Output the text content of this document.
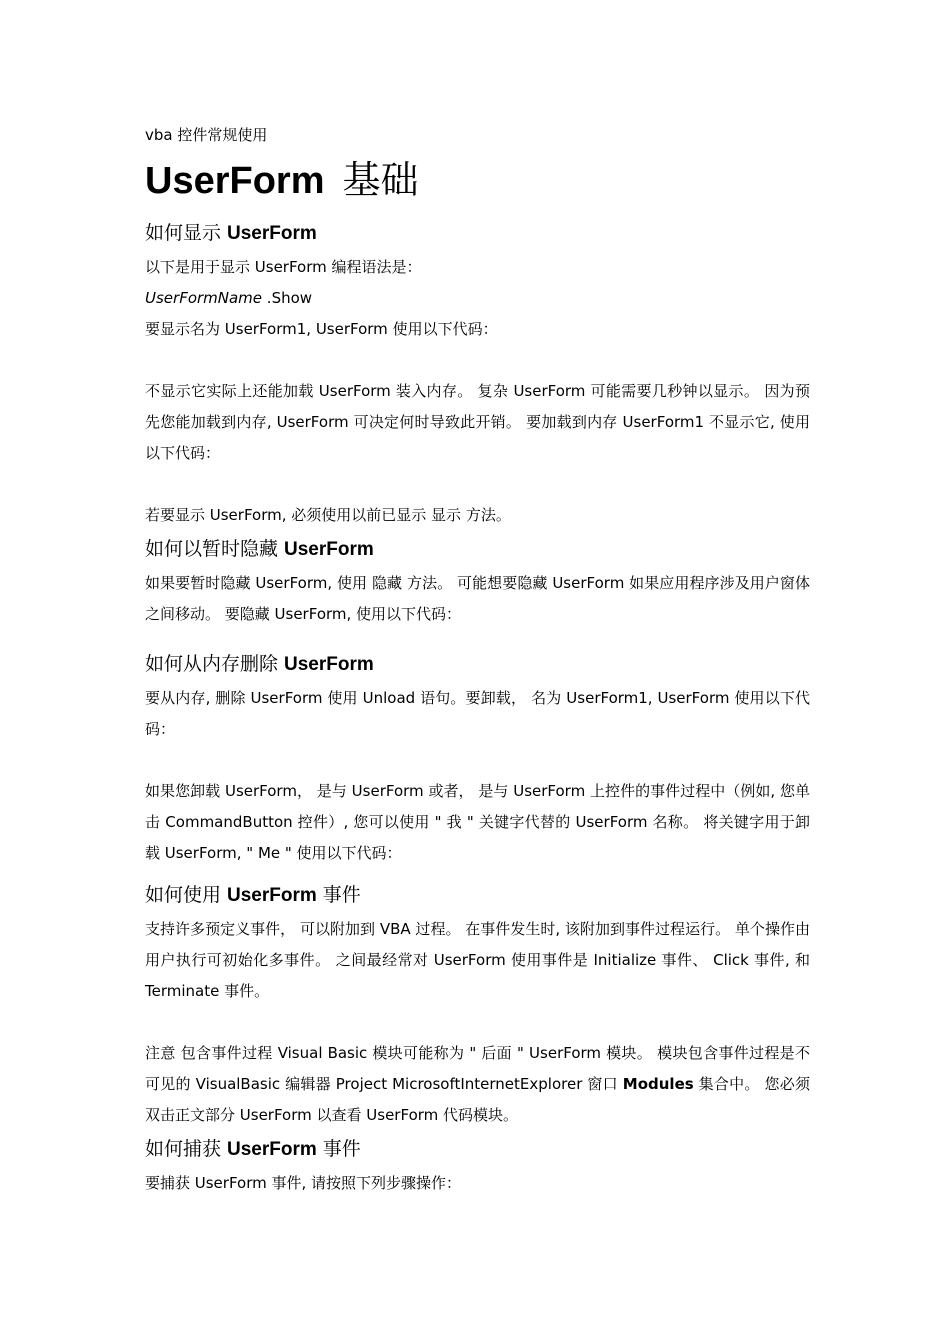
vba 控件常规使用

UserForm 基础
如何显示 UserForm

以下是用于显示 UserForm 编程语法是：

UserFormName .Show

要显示名为 UserForm1, UserForm 使用以下代码：

不显示它实际上还能加载 UserForm 装入内存。 复杂 UserForm 可能需要几秒钟以显示。 因为预先您能加载到内存, UserForm 可决定何时导致此开销。 要加载到内存 UserForm1 不显示它, 使用以下代码：

若要显示 UserForm, 必须使用以前已显示 显示 方法。

如何以暂时隐藏 UserForm

如果要暂时隐藏 UserForm, 使用 隐藏 方法。 可能想要隐藏 UserForm 如果应用程序涉及用户窗体之间移动。 要隐藏 UserForm, 使用以下代码：

如何从内存删除 UserForm

要从内存, 删除 UserForm 使用 Unload 语句。要卸载， 名为 UserForm1, UserForm 使用以下代码：

如果您卸载 UserForm， 是与 UserForm 或者， 是与 UserForm 上控件的事件过程中（例如, 您单击 CommandButton 控件）, 您可以使用 " 我 " 关键字代替的 UserForm 名称。 将关键字用于卸载 UserForm, " Me " 使用以下代码：

如何使用 UserForm 事件

支持许多预定义事件， 可以附加到 VBA 过程。 在事件发生时, 该附加到事件过程运行。 单个操作由用户执行可初始化多事件。 之间最经常对 UserForm 使用事件是 Initialize 事件、 Click 事件, 和 Terminate 事件。

注意 包含事件过程 Visual Basic 模块可能称为 " 后面 " UserForm 模块。 模块包含事件过程是不可见的 VisualBasic 编辑器 Project MicrosoftInternetExplorer 窗口 Modules 集合中。 您必须双击正文部分 UserForm 以查看 UserForm 代码模块。

如何捕获 UserForm 事件

要捕获 UserForm 事件, 请按照下列步骤操作：
